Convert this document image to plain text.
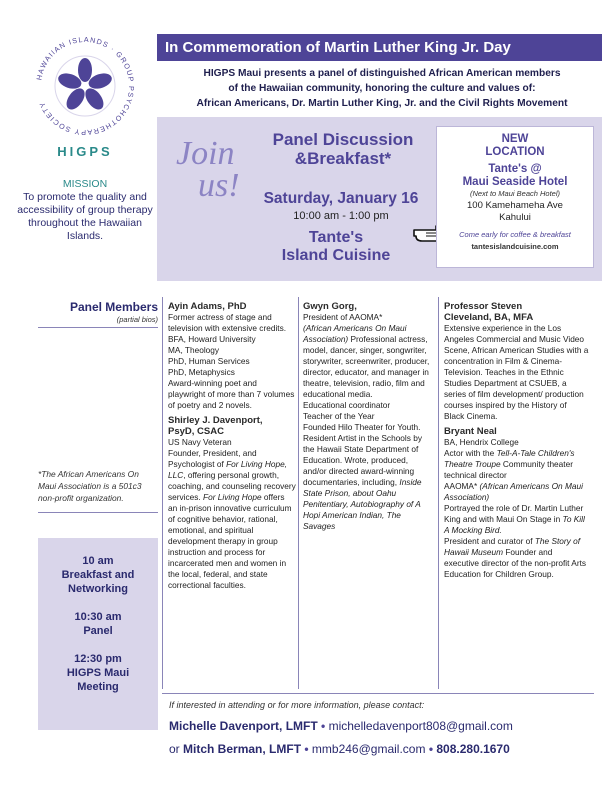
HAWAIIAN ISLANDS · GROUP PSYCHOTHERAPY SOCIETY
HIGPS
MISSION
To promote the quality and accessibility of group therapy throughout the Hawaiian Islands.
In Commemoration of Martin Luther King Jr. Day
HIGPS Maui presents a panel of distinguished African American members
of the Hawaiian community, honoring the culture and values of:
African Americans, Dr. Martin Luther King, Jr. and the Civil Rights Movement
Join
us!
Panel Discussion
&Breakfast*
Saturday, January 16
10:00 am - 1:00 pm
Tante's
Island Cuisine
NEW
LOCATION
Tante's @
Maui Seaside Hotel
(Next to Maui Beach Hotel)
100 Kamehameha Ave
Kahului
Come early for coffee & breakfast
tantesislandcuisine.com
Panel Members
(partial bios)
*The African Americans On Maui Association is a 501c3 non-profit organization.
10 am
Breakfast and
Networking
10:30 am
Panel
12:30 pm
HIGPS Maui
Meeting
Ayin Adams, PhD

Former actress of stage and television with extensive credits.

BFA, Howard University

MA, Theology

PhD, Human Services

PhD, Metaphysics

Award-winning poet and playwright of more than 7 volumes of poetry and 2 novels.

Shirley J. Davenport,
PsyD, CSAC

US Navy Veteran

Founder, President, and Psychologist of For Living Hope, LLC, offering personal growth, coaching, and counseling recovery services. For Living Hope offers an in-prison innovative curriculum of cognitive behavior, rational, emotional, and spiritual development therapy in group instruction and process for incarcerated men and women in the local, federal, and state correctional faculties.

Gwyn Gorg,

President of AAOMA*

(African Americans On Maui Association) Professional actress, model, dancer, singer, songwriter, storywriter, screenwriter, producer, director, educator, and manager in theatre, television, radio, film and educational media.

Educational coordinator

Teacher of the Year

Founded Hilo Theater for Youth. Resident Artist in the Schools by the Hawaii State Department of Education. Wrote, produced, and/or directed award-winning documentaries, including, Inside State Prison, about Oahu Penitentiary, Autobiography of A Hopi American Indian, The Savages

Professor Steven
Cleveland, BA, MFA

Extensive experience in the Los Angeles Commercial and Music Video Scene, African American Studies with a concentration in Film & Cinema-Television. Teaches in the Ethnic Studies Department at CSUEB, a series of film development/ production courses inspired by the History of Black Cinema.

Bryant Neal

BA, Hendrix College

Actor with the Tell-A-Tale Children's Theatre Troupe Community theater technical director

AAOMA* (African Americans On Maui Association)

Portrayed the role of Dr. Martin Luther King and with Maui On Stage in To Kill A Mocking Bird.

President and curator of The Story of Hawaii Museum Founder and executive director of the non-profit Arts Education for Children Group.

If interested in attending or for more information, please contact:
Michelle Davenport, LMFT • michelledavenport808@gmail.com
or Mitch Berman, LMFT • mmb246@gmail.com • 808.280.1670
